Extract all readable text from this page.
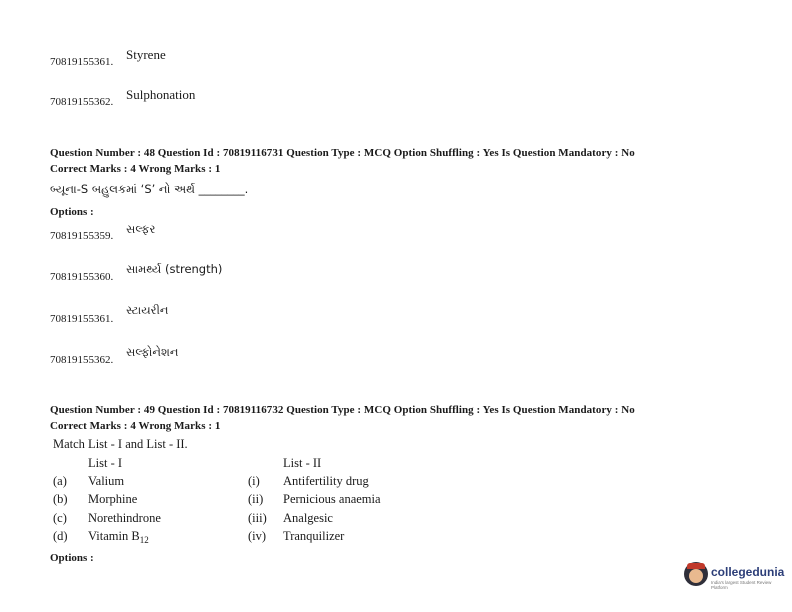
70819155361. Styrene
70819155362. Sulphonation
Question Number : 48 Question Id : 70819116731 Question Type : MCQ Option Shuffling : Yes Is Question Mandatory : No
Correct Marks : 4 Wrong Marks : 1
બ્યૂના-S બહુલકમાં ‘S’ નો અર્થ ________.
Options :
70819155359. સલ્ફર
70819155360.
સામર્થ્ય (strength)
70819155361.
સ્ટાયરીન
70819155362.
સલ્ફોનેશન
Question Number : 49 Question Id : 70819116732 Question Type : MCQ Option Shuffling : Yes Is Question Mandatory : No
Correct Marks : 4 Wrong Marks : 1
Match List - I and List - II.
List - I	List - II
(a) Valium	(i) Antifertility drug
(b) Morphine	(ii) Pernicious anaemia
(c) Norethindrone	(iii) Analgesic
(d) Vitamin $B_{12}$	(iv) Tranquilizer
Options :
collegedunia
India's largest Student Review Platform
